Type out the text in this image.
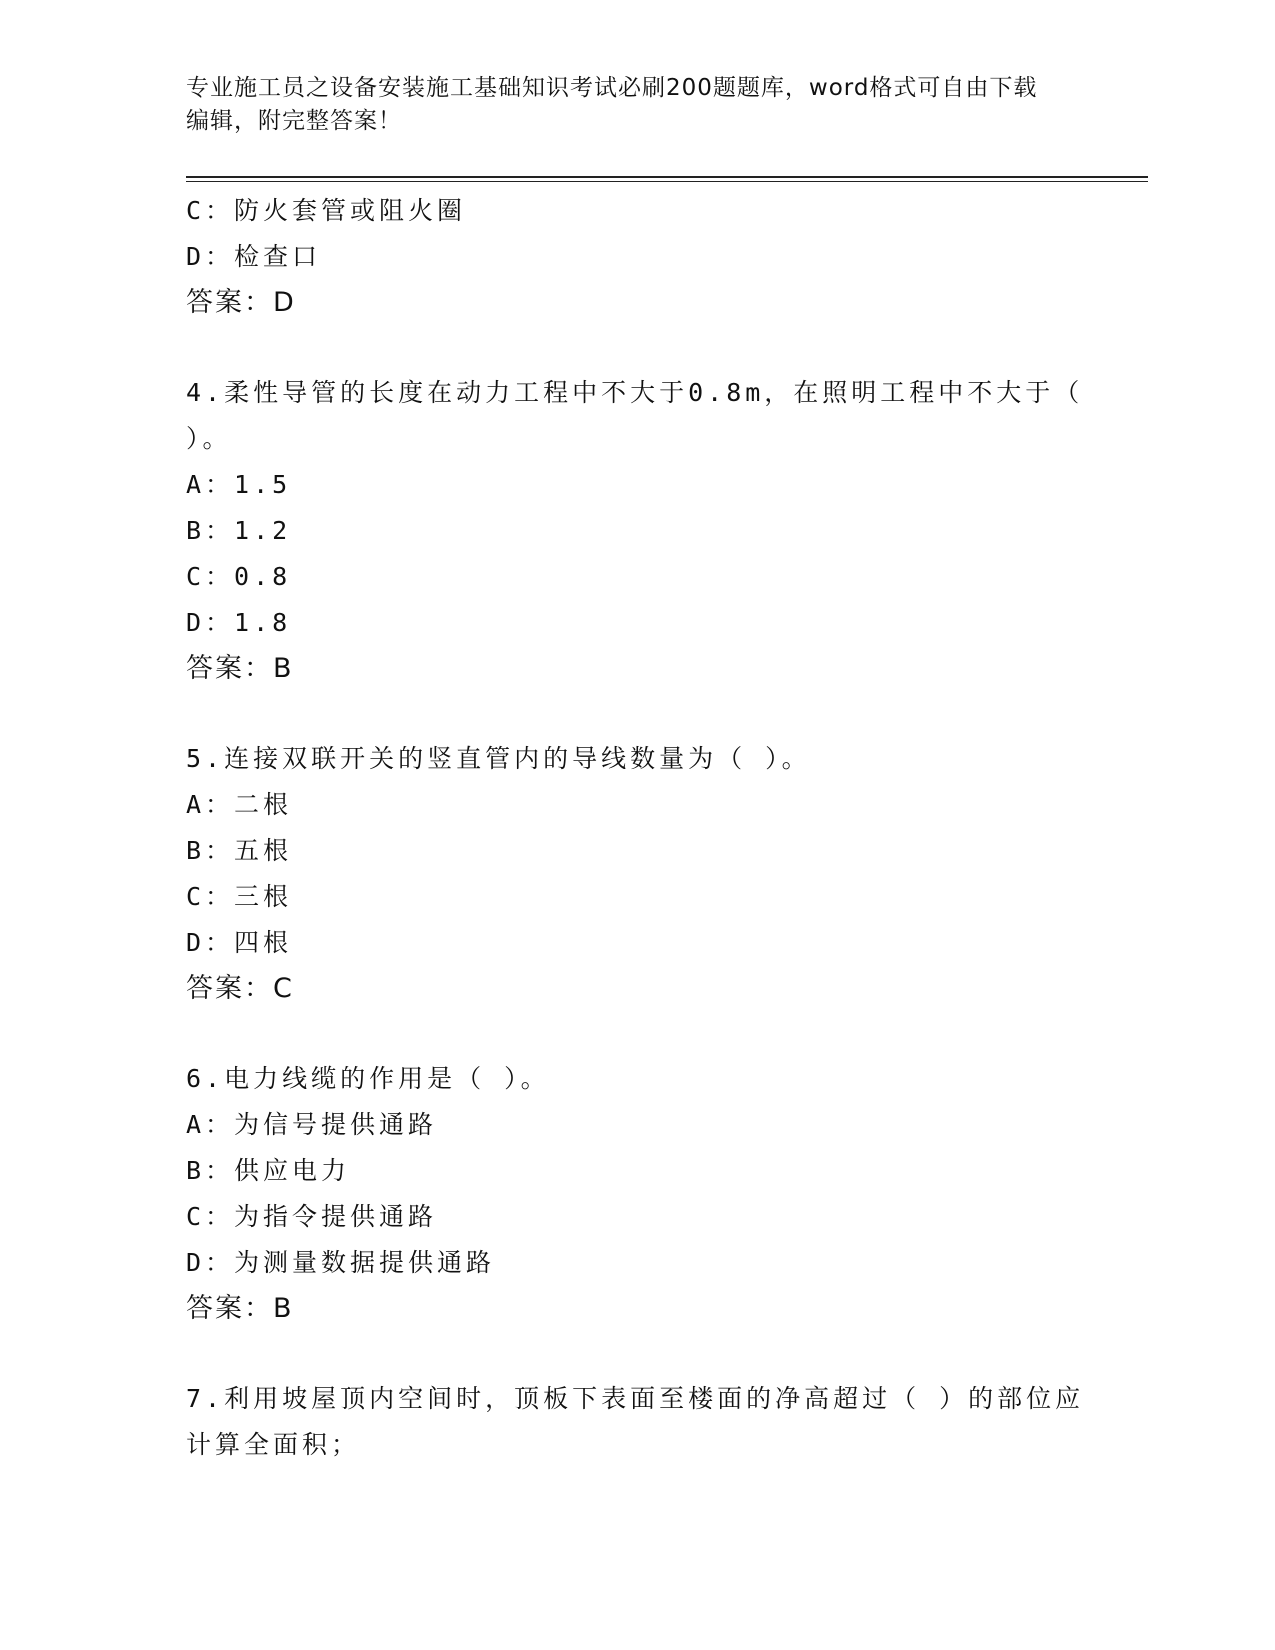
专业施工员之设备安装施工基础知识考试必刷200题题库，word格式可自由下载
编辑，附完整答案！
C：防火套管或阻火圈
D：检查口
答案：D
4.柔性导管的长度在动力工程中不大于0.8m，在照明工程中不大于（
）。
A：1.5
B：1.2
C：0.8
D：1.8
答案：B
5.连接双联开关的竖直管内的导线数量为（ ）。
A：二根
B：五根
C：三根
D：四根
答案：C
6.电力线缆的作用是（ ）。
A：为信号提供通路
B：供应电力
C：为指令提供通路
D：为测量数据提供通路
答案：B
7.利用坡屋顶内空间时，顶板下表面至楼面的净高超过（ ）的部位应
计算全面积；
